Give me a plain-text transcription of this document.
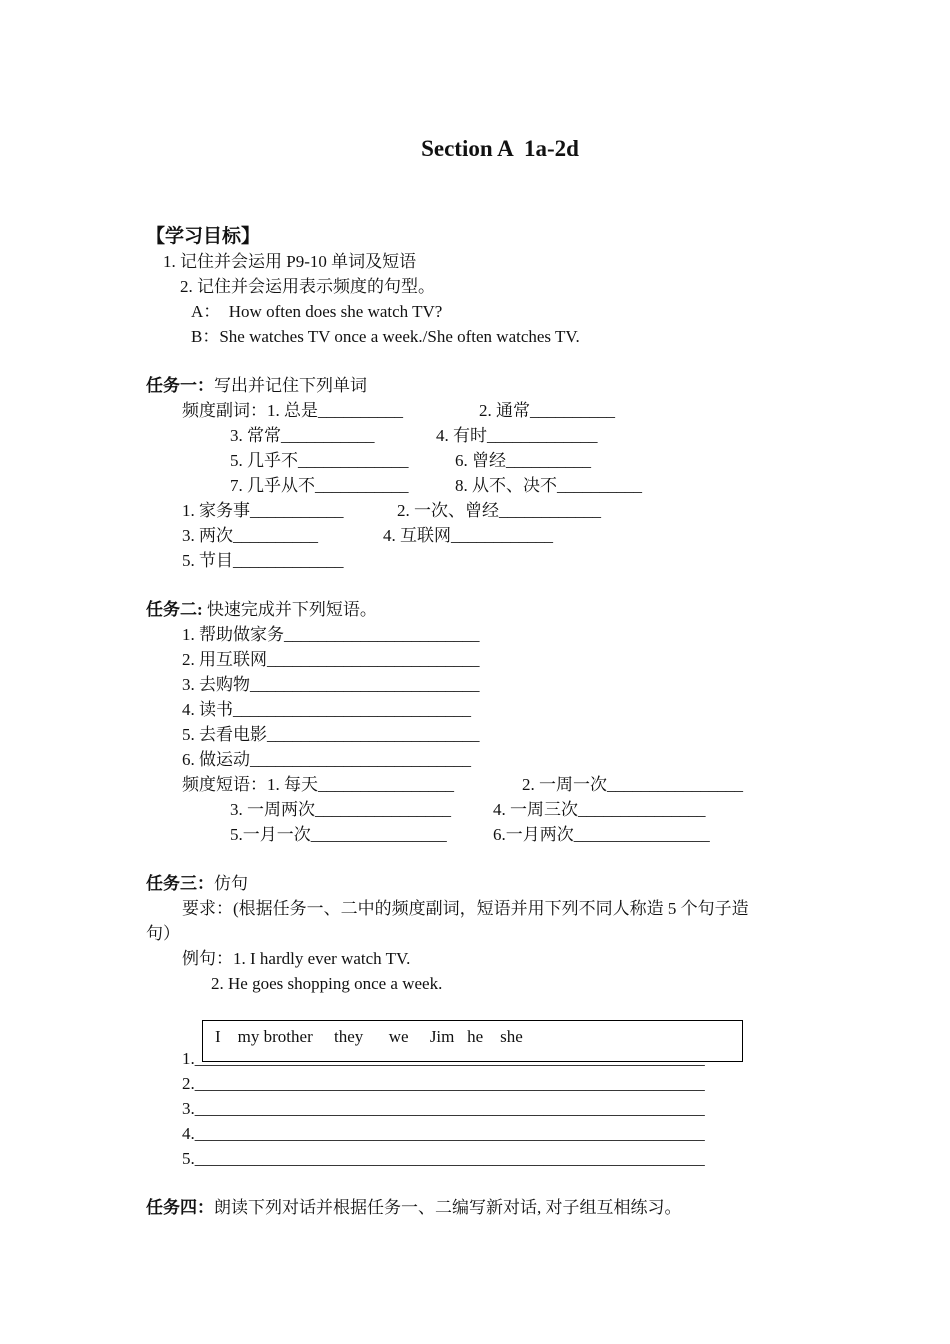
Section A  1a-2d
【学习目标】
1. 记住并会运用 P9-10 单词及短语
2. 记住并会运用表示频度的句型。
A：  How often does she watch TV?
B：She watches TV once a week./She often watches TV.
任务一：写出并记住下列单词
频度副词：1. 总是__________	2. 通常__________
3. 常常___________	4. 有时_____________
5. 几乎不_____________	6. 曾经__________
7. 几乎从不___________	8. 从不、决不__________
1. 家务事___________	2. 一次、曾经____________
3. 两次__________	4. 互联网____________
5. 节目_____________
任务二: 快速完成并下列短语。
1. 帮助做家务_______________________
2. 用互联网_________________________
3. 去购物___________________________
4. 读书____________________________
5. 去看电影_________________________
6. 做运动__________________________
频度短语：1. 每天________________	2. 一周一次________________
3. 一周两次________________ 4. 一周三次_______________
5.一月一次________________	6.一月两次________________
任务三：仿句
要求：(根据任务一、二中的频度副词，短语并用下列不同人称造 5 个句子造
句）
例句：1. I hardly ever watch TV.
2. He goes shopping once a week.
I    my brother     they      we     Jim   he    she
1.____________________________________________________________
2.____________________________________________________________
3.____________________________________________________________
4.____________________________________________________________
5.____________________________________________________________
任务四：朗读下列对话并根据任务一、二编写新对话, 对子组互相练习。
